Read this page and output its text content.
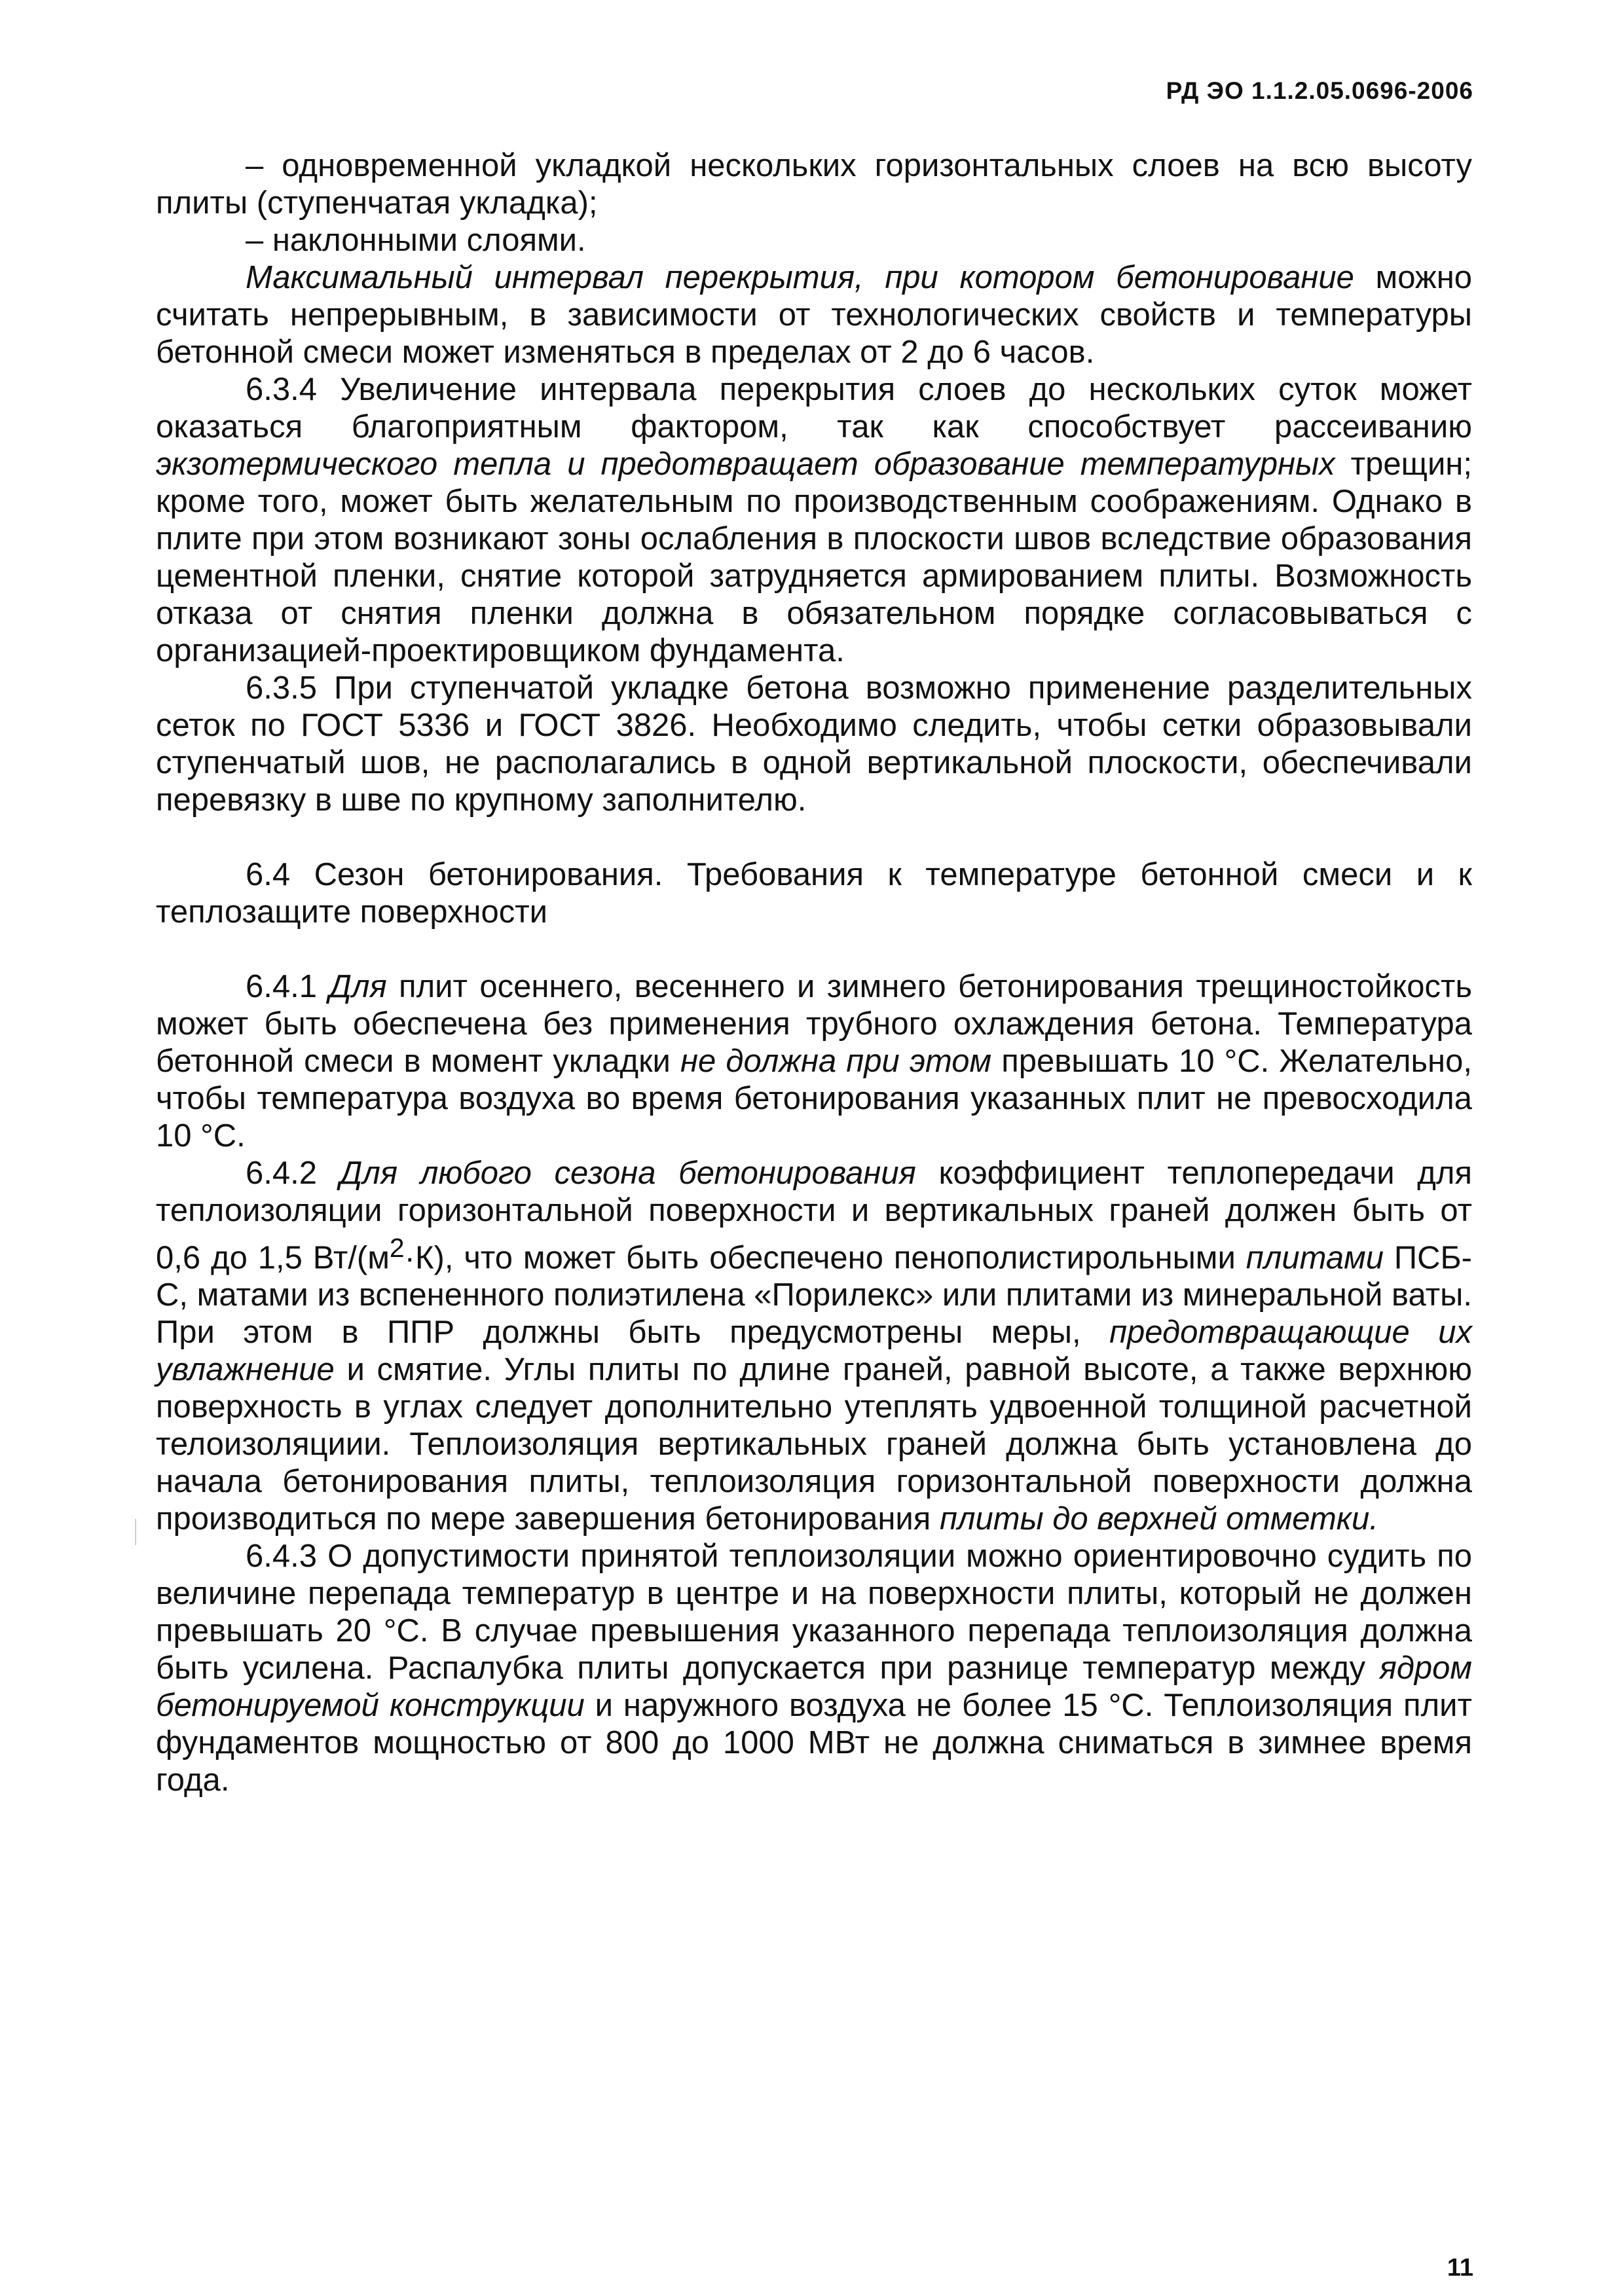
РД ЭО 1.1.2.05.0696-2006

– одновременной укладкой нескольких горизонтальных слоев на всю высоту плиты (ступенчатая укладка);

– наклонными слоями.

Максимальный интервал перекрытия, при котором бетонирование можно считать непрерывным, в зависимости от технологических свойств и температуры бетонной смеси может изменяться в пределах от 2 до 6 часов.

6.3.4 Увеличение интервала перекрытия слоев до нескольких суток может оказаться благоприятным фактором, так как способствует рассеиванию экзотермического тепла и предотвращает образование температурных трещин; кроме того, может быть желательным по производственным соображениям. Однако в плите при этом возникают зоны ослабления в плоскости швов вследствие образования цементной пленки, снятие которой затрудняется армированием плиты. Возможность отказа от снятия пленки должна в обязательном порядке согласовываться с организацией-проектировщиком фундамента.

6.3.5 При ступенчатой укладке бетона возможно применение разделительных сеток по ГОСТ 5336 и ГОСТ 3826. Необходимо следить, чтобы сетки образовывали ступенчатый шов, не располагались в одной вертикальной плоскости, обеспечивали перевязку в шве по крупному заполнителю.

6.4 Сезон бетонирования. Требования к температуре бетонной смеси и к теплозащите поверхности

6.4.1 Для плит осеннего, весеннего и зимнего бетонирования трещиностойкость может быть обеспечена без применения трубного охлаждения бетона. Температура бетонной смеси в момент укладки не должна при этом превышать 10 °С. Желательно, чтобы температура воздуха во время бетонирования указанных плит не превосходила 10 °С.

6.4.2 Для любого сезона бетонирования коэффициент теплопередачи для теплоизоляции горизонтальной поверхности и вертикальных граней должен быть от 0,6 до 1,5 $Вт/(м^2\cdot К)$, что может быть обеспечено пенополистирольными плитами ПСБ-С, матами из вспененного полиэтилена «Порилекс» или плитами из минеральной ваты. При этом в ППР должны быть предусмотрены меры, предотвращающие их увлажнение и смятие. Углы плиты по длине граней, равной высоте, а также верхнюю поверхность в углах следует дополнительно утеплять удвоенной толщиной расчетной телоизоляциии. Теплоизоляция вертикальных граней должна быть установлена до начала бетонирования плиты, теплоизоляция горизонтальной поверхности должна производиться по мере завершения бетонирования плиты до верхней отметки.

6.4.3 О допустимости принятой теплоизоляции можно ориентировочно судить по величине перепада температур в центре и на поверхности плиты, который не должен превышать 20 °С. В случае превышения указанного перепада теплоизоляция должна быть усилена. Распалубка плиты допускается при разнице температур между ядром бетонируемой конструкции и наружного воздуха не более 15 °С. Теплоизоляция плит фундаментов мощностью от 800 до 1000 МВт не должна сниматься в зимнее время года.

11
